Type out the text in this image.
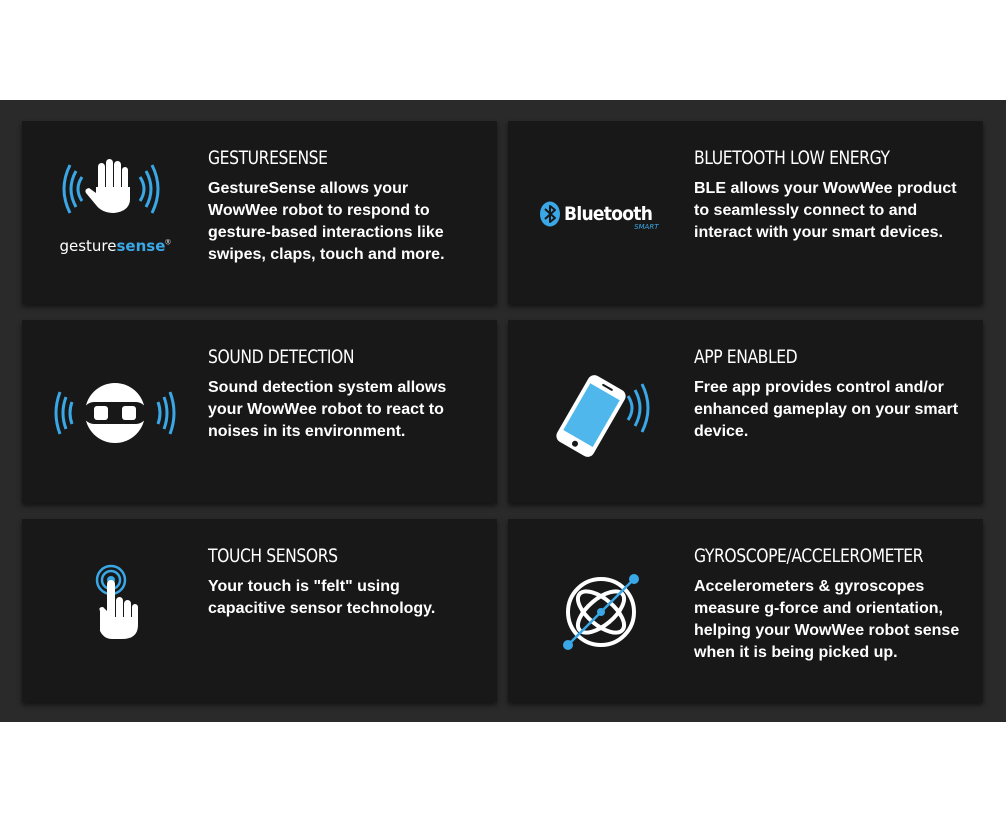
gesturesense®
GESTURESENSE

GestureSense allows your WowWee robot to respond to gesture-based interactions like swipes, claps, touch and more.

Bluetooth
SMART
BLUETOOTH LOW ENERGY

BLE allows your WowWee product to seamlessly connect to and interact with your smart devices.

SOUND DETECTION

Sound detection system allows your WowWee robot to react to noises in its environment.

APP ENABLED

Free app provides control and/or enhanced gameplay on your smart device.

TOUCH SENSORS

Your touch is "felt" using capacitive sensor technology.

GYROSCOPE/ACCELEROMETER

Accelerometers & gyroscopes measure g-force and orientation, helping your WowWee robot sense when it is being picked up.
